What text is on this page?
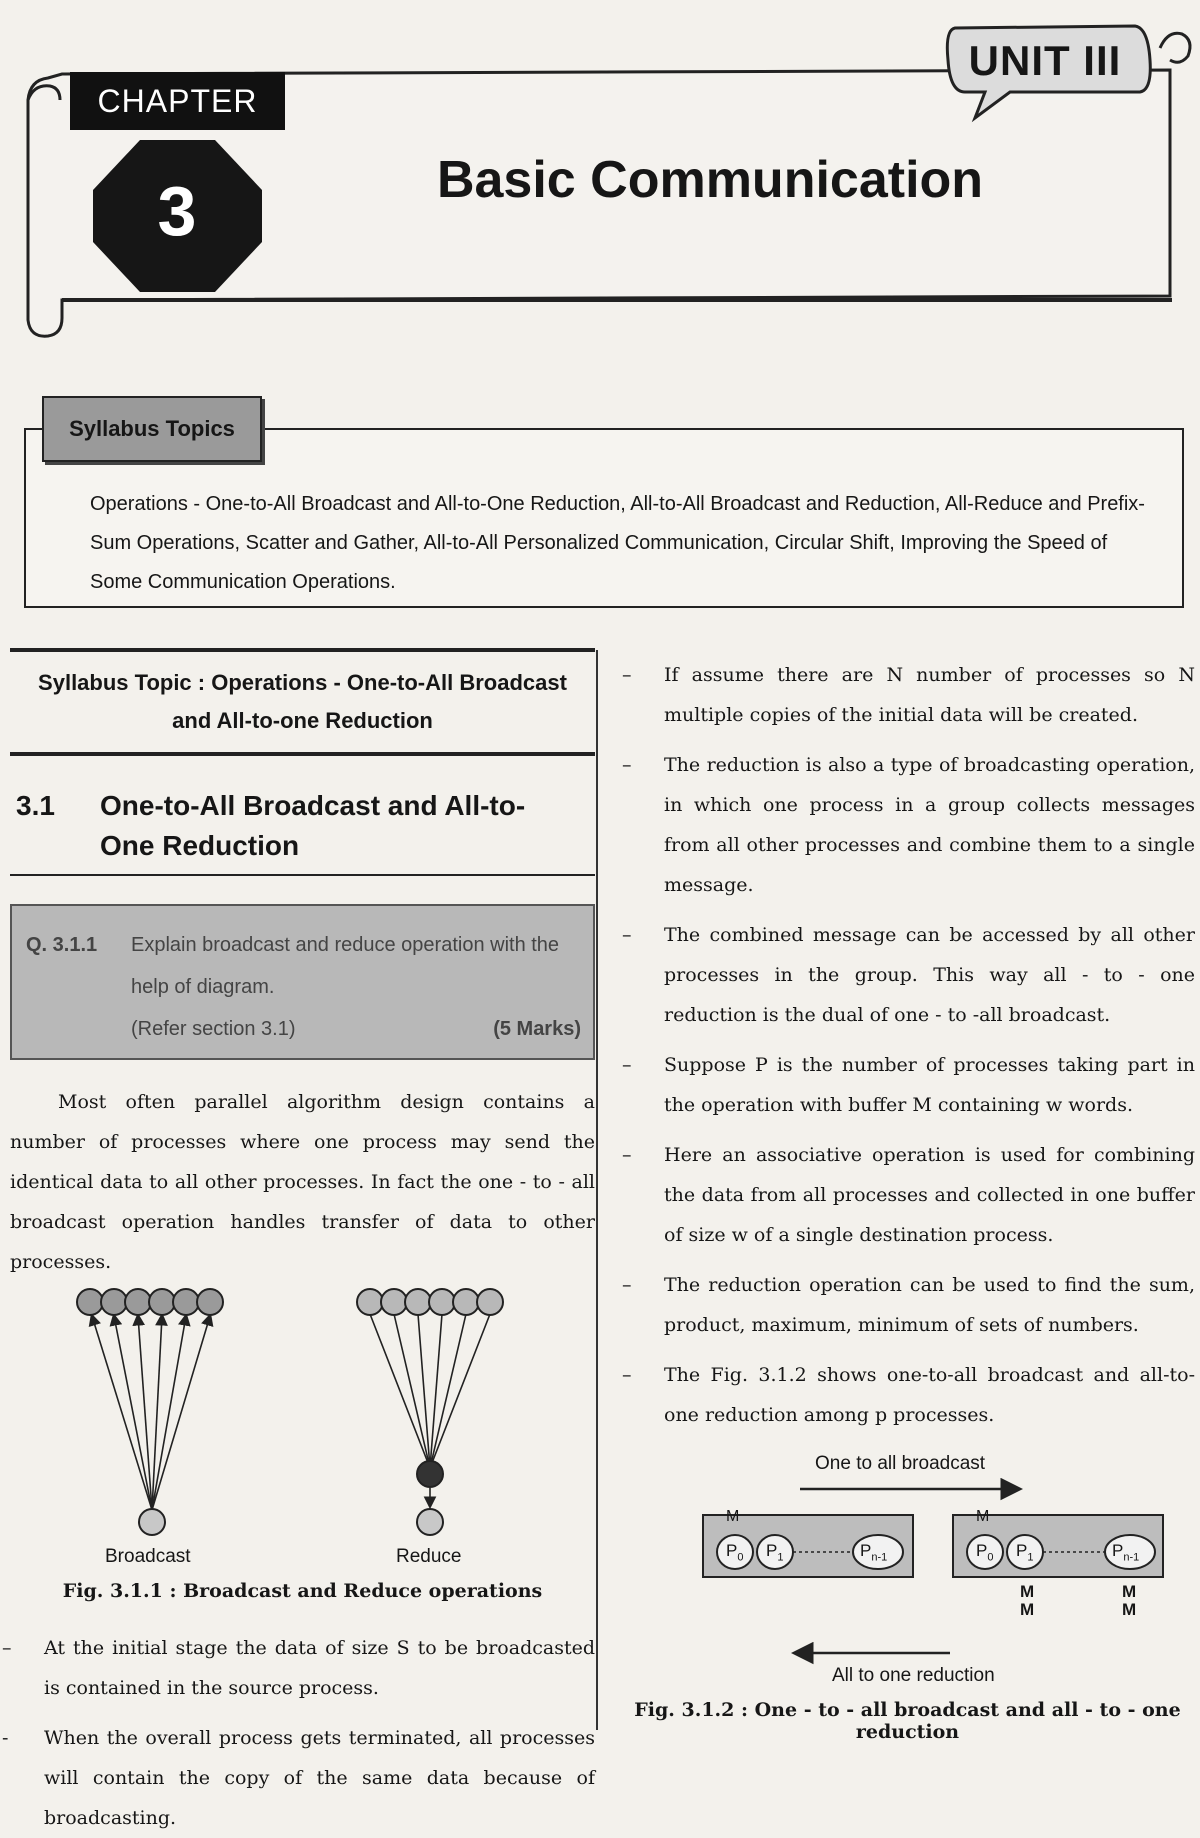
UNIT III
CHAPTER
3	Basic Communication
Syllabus Topics
Operations - One-to-All Broadcast and All-to-One Reduction, All-to-All Broadcast and Reduction, All-Reduce and Prefix-Sum Operations, Scatter and Gather, All-to-All Personalized Communication, Circular Shift, Improving the Speed of Some Communication Operations.
Syllabus Topic : Operations - One-to-All Broadcast and All-to-one Reduction
3.1	One-to-All Broadcast and All-to-One Reduction
Q. 3.1.1	Explain broadcast and reduce operation with the help of diagram.
(Refer section 3.1)	(5 Marks)

Most often parallel algorithm design contains a number of processes where one process may send the identical data to all other processes. In fact the one - to - all broadcast operation handles transfer of data to other processes.

Broadcast	Reduce
Fig. 3.1.1 : Broadcast and Reduce operations
–	At the initial stage the data of size S to be broadcasted is contained in the source process.
-	When the overall process gets terminated, all processes will contain the copy of the same data because of broadcasting.
–	If assume there are N number of processes so N multiple copies of the initial data will be created.
–	The reduction is also a type of broadcasting operation, in which one process in a group collects messages from all other processes and combine them to a single message.
–	The combined message can be accessed by all other processes in the group. This way all - to - one reduction is the dual of one - to -all broadcast.
–	Suppose P is the number of processes taking part in the operation with buffer M containing w words.
–	Here an associative operation is used for combining the data from all processes and collected in one buffer of size w of a single destination process.
–	The reduction operation can be used to find the sum, product, maximum, minimum of sets of numbers.
–	The Fig. 3.1.2 shows one-to-all broadcast and all-to-one reduction among p processes.
One to all broadcast
M	M
$P_0$ $P_1$	$P_{n-1}$	$P_0$ $P_1$	$P_{n-1}$
M
M
M
M
All to one reduction
Fig. 3.1.2 : One - to - all broadcast and all - to - one reduction
